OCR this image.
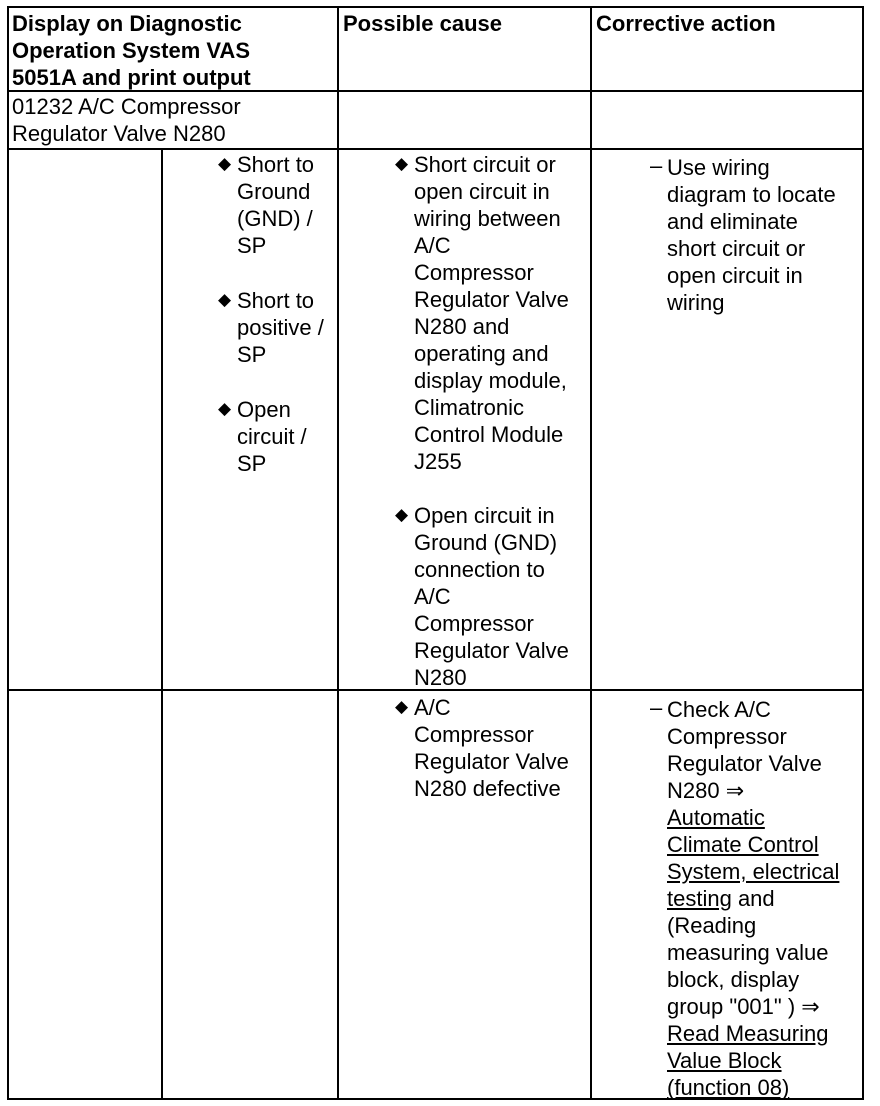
Display on Diagnostic
Operation System VAS
5051A and print output
Possible cause	Corrective action
01232 A/C Compressor
Regulator Valve N280
◆ Short to
Ground
(GND) /
SP
◆ Short to
positive /
SP
◆ Open
circuit /
SP
◆ Short circuit or
open circuit in
wiring between
A/C
Compressor
Regulator Valve
N280 and
operating and
display module,
Climatronic
Control Module
J255
◆ Open circuit in
Ground (GND)
connection to
A/C
Compressor
Regulator Valve
N280
– Use wiring
diagram to locate
and eliminate
short circuit or
open circuit in
wiring
◆ A/C
Compressor
Regulator Valve
N280 defective
– Check A/C
Compressor
Regulator Valve
N280 ⇒
Automatic
Climate Control
System, electrical
testing and
(Reading
measuring value
block, display
group "001" ) ⇒
Read Measuring
Value Block
(function 08)
